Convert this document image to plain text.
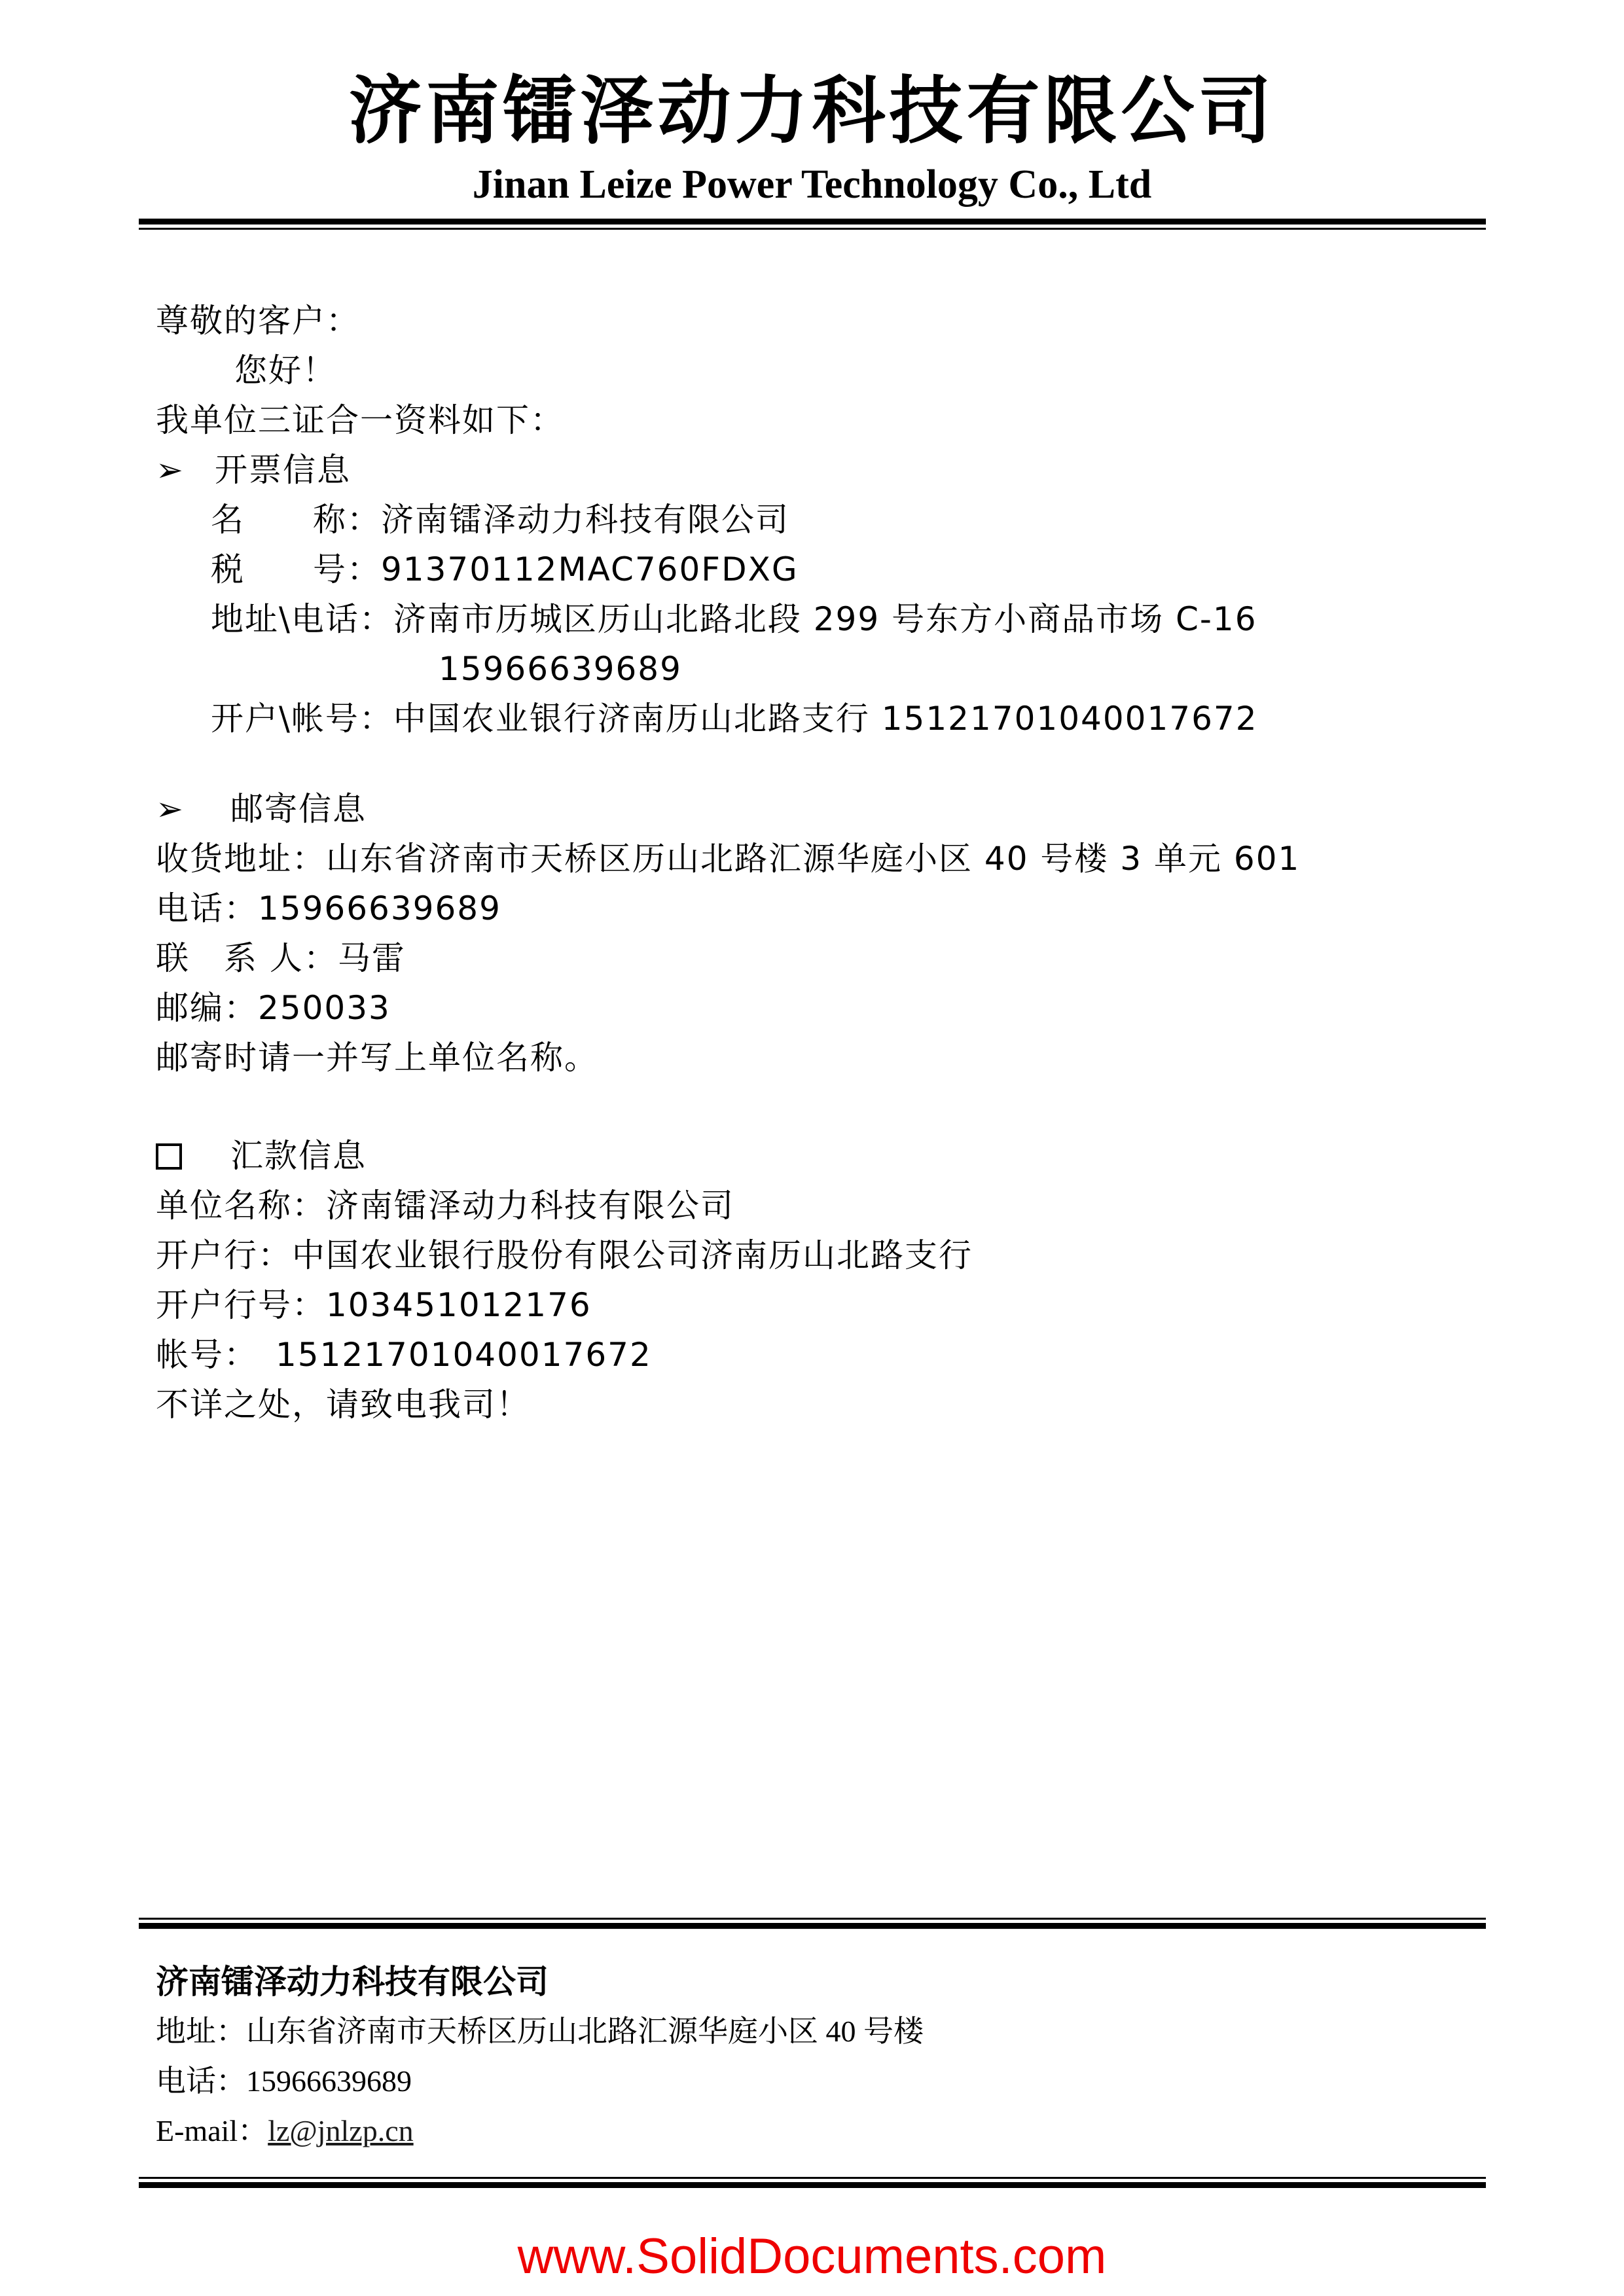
济南镭泽动力科技有限公司
Jinan Leize Power Technology Co., Ltd
尊敬的客户：
您好！
我单位三证合一资料如下：
➢ 开票信息
名　　称：济南镭泽动力科技有限公司
税　　号：91370112MAC760FDXG
地址\电话：济南市历城区历山北路北段 299 号东方小商品市场 C-16
15966639689
开户\帐号：中国农业银行济南历山北路支行 15121701040017672
➢ 邮寄信息
收货地址：山东省济南市天桥区历山北路汇源华庭小区 40 号楼 3 单元 601
电话：15966639689
联　系 人：马雷
邮编：250033
邮寄时请一并写上单位名称。
汇款信息
单位名称：济南镭泽动力科技有限公司
开户行：中国农业银行股份有限公司济南历山北路支行
开户行号：103451012176
帐号：　15121701040017672
不详之处，请致电我司！
济南镭泽动力科技有限公司
地址：山东省济南市天桥区历山北路汇源华庭小区 40 号楼
电话：15966639689
E-mail：lz@jnlzp.cn
www.SolidDocuments.com
